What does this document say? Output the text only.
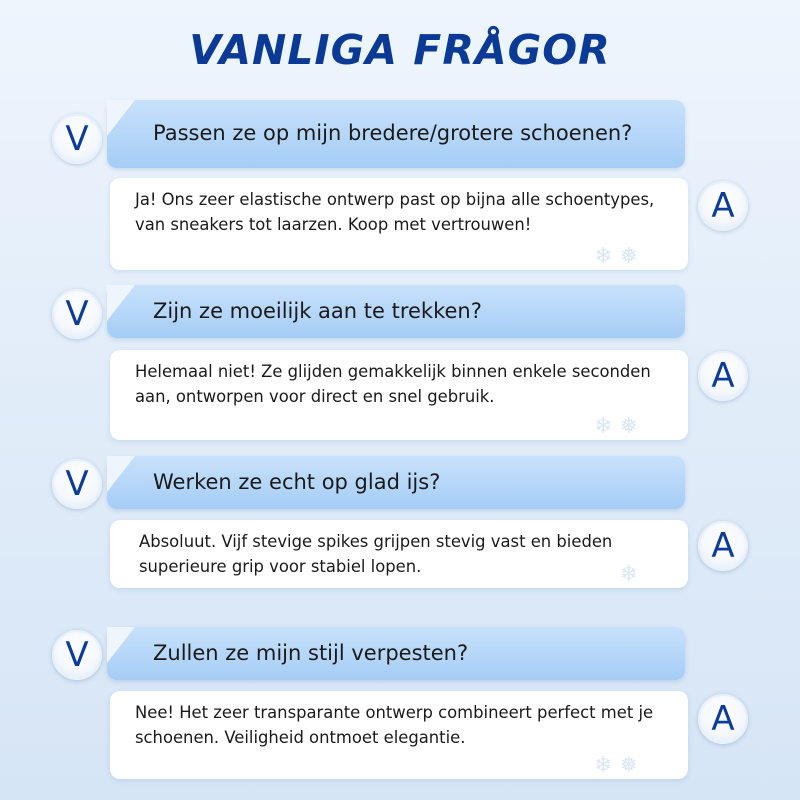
VANLIGA FRÅGOR
V	Passen ze op mijn bredere/grotere schoenen?
Ja! Ons zeer elastische ontwerp past op bijna alle schoentypes, van sneakers tot laarzen. Koop met vertrouwen!
❄ ❅
A
V	Zijn ze moeilijk aan te trekken?
Helemaal niet! Ze glijden gemakkelijk binnen enkele seconden aan, ontworpen voor direct en snel gebruik.
❄ ❅
A
V	Werken ze echt op glad ijs?
Absoluut. Vijf stevige spikes grijpen stevig vast en bieden superieure grip voor stabiel lopen.	❄
A
V	Zullen ze mijn stijl verpesten?
Nee! Het zeer transparante ontwerp combineert perfect met je schoenen. Veiligheid ontmoet elegantie.
❄ ❅
A
